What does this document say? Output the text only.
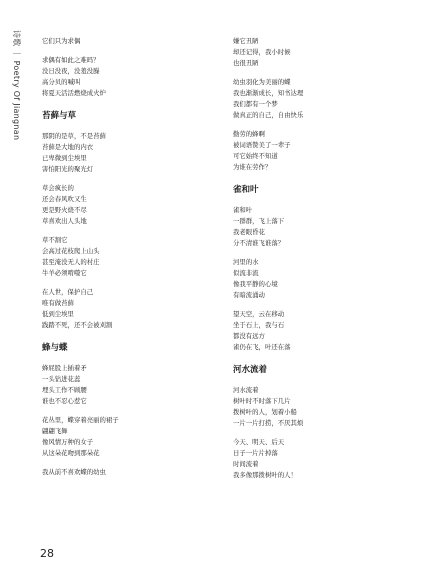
诗歌 ｜ Poetry Of Jiangnan	它们只为求偶
求偶有如此之难吗？
没日没夜，没羞没臊
高分贝的喊叫
将夏天活活燃烧成火炉
苔藓与草
那阴的是草，不是苔藓
苔藓是大地的内衣
已卑微到尘埃里
害怕阳光的聚光灯
草会疯长的
还会春风吹又生
更是野火烧不尽
草喜欢出人头地
草不割它
会高过花枝爬上山头
甚至淹没无人的村庄
牛羊必须啃噬它
在人世，保护自己
唯有做苔藓
低到尘埃里
践踏不死，还不会被刈割
蜂与蝶
蜂屁股上插着矛
一头钻进花蕊
埋头工作不顾腰
谁也不忍心惹它
花丛里，蝶穿着亮丽的裙子
翩翩飞舞
像风情万种的女子
从这朵花吻到那朵花
我从前不喜欢蝶的幼虫
嫌它丑陋
却还记得，我小时候
也很丑陋
幼虫羽化为美丽的蝶
我也渐渐成长，知书达理
我们都有一个梦
做真正的自己，自由快乐
勤劳的蜂啊
被词语赞美了一辈子
可它始终不知道
为谁在劳作？
雀和叶
雀和叶
一群群，飞上落下
我老眼昏花
分不清谁飞谁落？
河里的水
似流非流
像我平静的心境
有暗流涌动
望天空，云在移动
坐于石上，我与石
都没有远方
雀仍在飞，叶还在落
河水流着
河水流着
树叶时不时落下几片
拨树叶的人，划着小船
一片一片打捞，不厌其烦
今天、明天、后天
日子一片片掉落
时间流着
我多像那拨树叶的人！
28
